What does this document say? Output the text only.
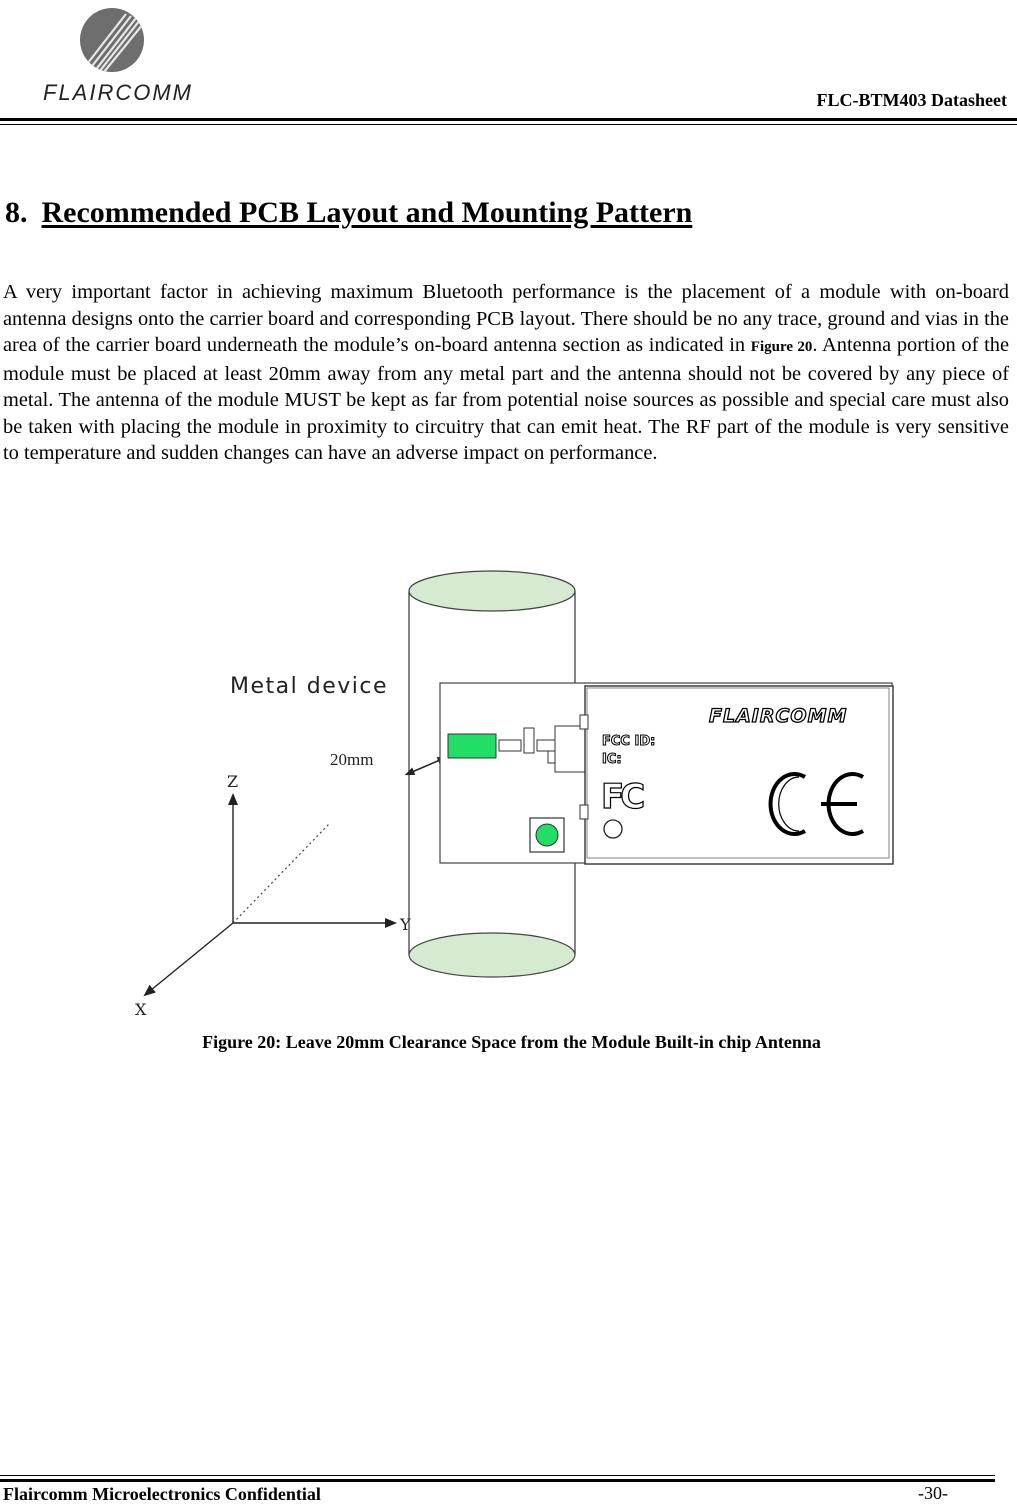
FLAIRCOMM	FLC-BTM403 Datasheet
8. Recommended PCB Layout and Mounting Pattern

A very important factor in achieving maximum Bluetooth performance is the placement of a module with on-board antenna designs onto the carrier board and corresponding PCB layout. There should be no any trace, ground and vias in the area of the carrier board underneath the module’s on-board antenna section as indicated in Figure 20. Antenna portion of the module must be placed at least 20mm away from any metal part and the antenna should not be covered by any piece of metal. The antenna of the module MUST be kept as far from potential noise sources as possible and special care must also be taken with placing the module in proximity to circuitry that can emit heat. The RF part of the module is very sensitive to temperature and sudden changes can have an adverse impact on performance.

Metal device
Z
Y
X
20mm
FLAIRCOMM
FCC ID:
IC:
FC
Figure 20: Leave 20mm Clearance Space from the Module Built-in chip Antenna
Flaircomm Microelectronics Confidential	-30-
